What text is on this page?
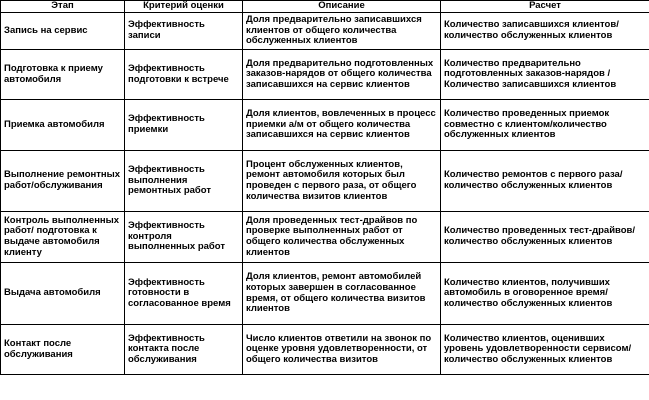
Этап	Критерий оценки	Описание	Расчет
Запись на сервис	Эффективность записи	Доля предварительно записавшихся клиентов от общего количества обслуженных клиентов	Количество записавшихся клиентов/ количество обслуженных клиентов
Подготовка к приему автомобиля	Эффективность подготовки к встрече	Доля предварительно подготовленных заказов-нарядов от общего количества записавшихся на сервис клиентов	Количество предварительно подготовленных заказов-нарядов / Количество записавшихся клиентов
Приемка автомобиля	Эффективность приемки	Доля клиентов, вовлеченных в процесс приемки а/м от общего количества записавшихся на сервис клиентов	Количество проведенных приемок совместно с клиентом/количество обслуженных клиентов
Выполнение ремонтных работ/обслуживания	Эффективность выполнения ремонтных работ	Процент обслуженных клиентов, ремонт автомобиля которых был проведен с первого раза, от общего количества визитов клиентов	Количество ремонтов с первого раза/ количество обслуженных клиентов
Контроль выполненных работ/ подготовка к выдаче автомобиля клиенту	Эффективность контроля выполненных работ	Доля проведенных тест-драйвов по проверке выполненных работ от общего количества обслуженных клиентов	Количество проведенных тест-драйвов/ количество обслуженных клиентов
Выдача автомобиля	Эффективность готовности в согласованное время	Доля клиентов, ремонт автомобилей которых завершен в согласованное время, от общего количества визитов клиентов	Количество клиентов, получивших автомобиль в оговоренное время/ количество обслуженных клиентов
Контакт после обслуживания	Эффективность контакта после обслуживания	Число клиентов ответили на звонок по оценке уровня удовлетворенности, от общего количества визитов	Количество клиентов, оценивших уровень удовлетворенности сервисом/ количество обслуженных клиентов
